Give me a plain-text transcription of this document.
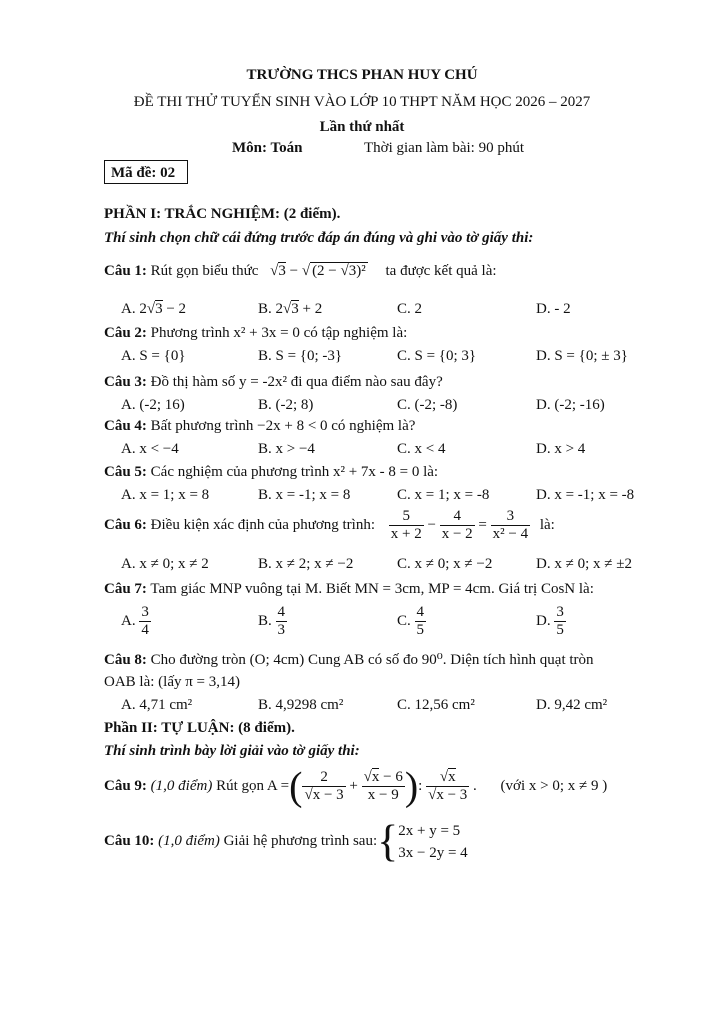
TRƯỜNG THCS PHAN HUY CHÚ
ĐỀ THI THỬ TUYỂN SINH VÀO LỚP 10 THPT NĂM HỌC 2026 – 2027
Lần thứ nhất
Môn: Toán	Thời gian làm bài: 90 phút
Mã đề: 02
PHẦN I: TRẮC NGHIỆM: (2 điểm).
Thí sinh chọn chữ cái đứng trước đáp án đúng và ghi vào tờ giấy thi:
Câu 1: Rút gọn biểu thức √3 − √ (2 − √3)² ta được kết quả là:
A. 2√3 − 2	B. 2√3 + 2	C. 2	D. - 2
Câu 2: Phương trình x² + 3x = 0 có tập nghiệm là:
A. S = {0}	B. S = {0; -3}	C. S = {0; 3}	D. S = {0; ± 3}
Câu 3: Đồ thị hàm số y = -2x² đi qua điểm nào sau đây?
A. (-2; 16)	B. (-2; 8)	C. (-2; -8)	D. (-2; -16)
Câu 4: Bất phương trình −2x + 8 < 0 có nghiệm là?
A. x < −4	B. x > −4	C. x < 4	D. x > 4
Câu 5: Các nghiệm của phương trình x² + 7x - 8 = 0 là:
A. x = 1; x = 8	B. x = -1; x = 8	C. x = 1; x = -8	D. x = -1; x = -8
Câu 6: Điều kiện xác định của phương trình: $\frac{5}{x + 2} - \frac{4}{x - 2} = \frac{3}{\text{x² − 4}}$ là:
A. x ≠ 0; x ≠ 2	B. x ≠ 2; x ≠ −2	C. x ≠ 0; x ≠ −2	D. x ≠ 0; x ≠ ±2
Câu 7: Tam giác MNP vuông tại M. Biết MN = 3cm, MP = 4cm. Giá trị CosN là:
A. $\frac{3}{4}$	B. $\frac{4}{3}$	C. $\frac{4}{5}$	D. $\frac{3}{5}$
Câu 8: Cho đường tròn (O; 4cm) Cung AB có số đo 90⁰. Diện tích hình quạt tròn
OAB là: (lấy π = 3,14)
A. 4,71 cm²	B. 4,9298 cm²	C. 12,56 cm²	D. 9,42 cm²
Phần II: TỰ LUẬN: (8 điểm).
Thí sinh trình bày lời giải vào tờ giấy thi:
Câu 9: (1,0 điểm) Rút gọn A =( $\frac{2}{√x - 3} + \frac{√x - 6}{x - 9}$ ): $\frac{√x}{√x - 3}$ . (với x > 0; x ≠ 9 )
Câu 10: (1,0 điểm) Giải hệ phương trình sau:{ 2x + y = 5
3x − 2y = 4
